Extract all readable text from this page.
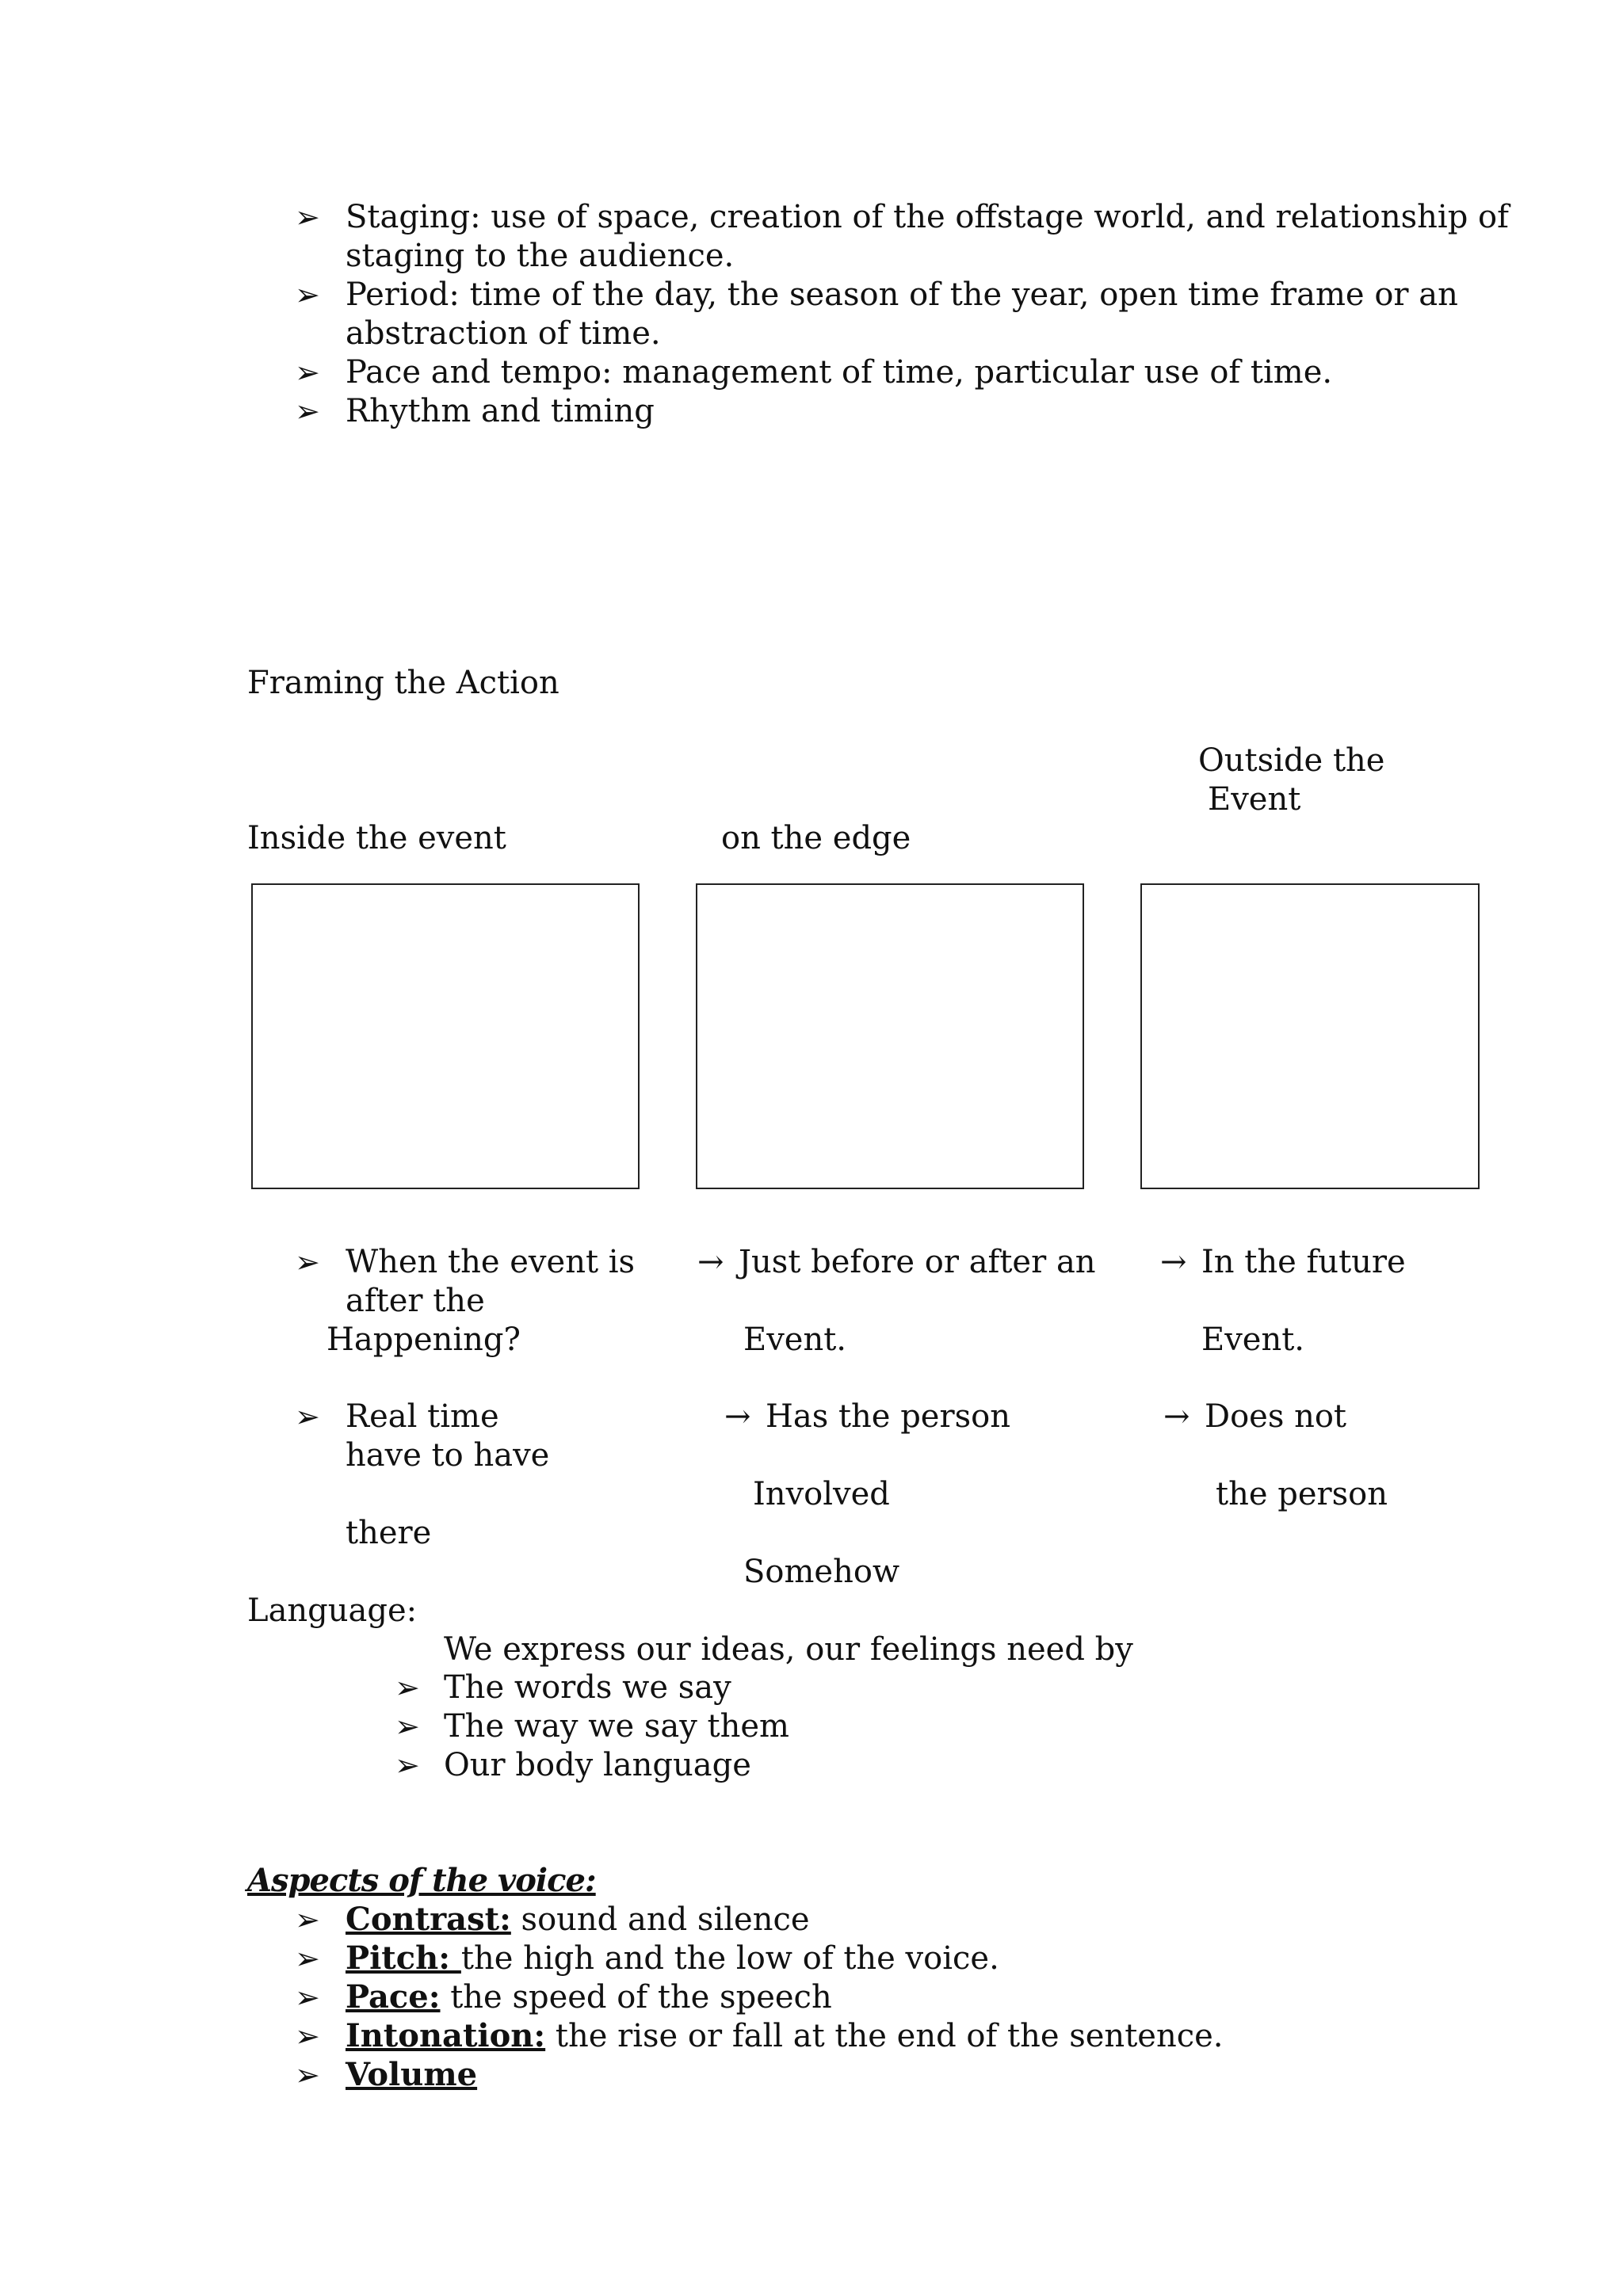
➢ Staging: use of space, creation of the offstage world, and relationship of
staging to the audience.
➢ Period: time of the day, the season of the year, open time frame or an
abstraction of time.
➢ Pace and tempo: management of time, particular use of time.
➢ Rhythm and timing
Framing the Action
Outside the
Event
Inside the event	on the edge
➢ When the event is
after the
Happening?
➢ Real time
have to have
there
→ Just before or after an
Event.
→ Has the person
Involved
Somehow
→ In the future
Event.
→ Does not
the person
Language:
We express our ideas, our feelings need by
➢ The words we say
➢ The way we say them
➢ Our body language
Aspects of the voice:
➢ Contrast: sound and silence
➢ Pitch: the high and the low of the voice.
➢ Pace: the speed of the speech
➢ Intonation: the rise or fall at the end of the sentence.
➢ Volume
